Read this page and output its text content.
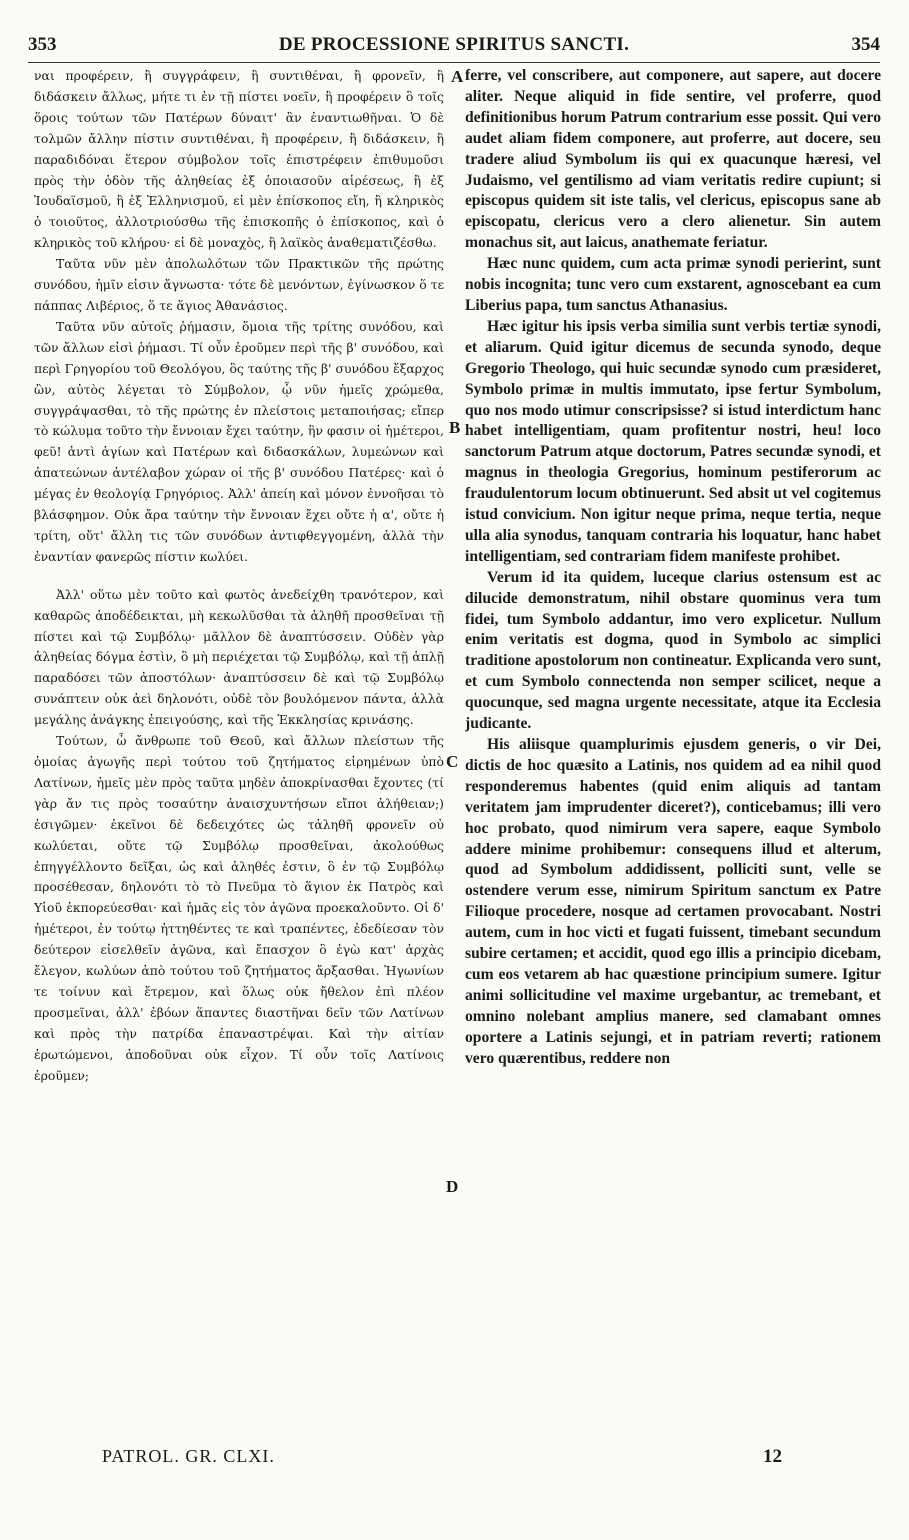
353	DE PROCESSIONE SPIRITUS SANCTI.	354

ναι προφέρειν, ἢ συγγράφειν, ἢ συντιθέναι, ἢ φρονεῖν, ἢ διδάσκειν ἄλλως, μήτε τι ἐν τῇ πίστει νοεῖν, ἢ προφέρειν ὃ τοῖς ὅροις τούτων τῶν Πατέρων δύναιτ' ἂν ἐναντιωθῆναι. Ὁ δὲ τολμῶν ἄλλην πίστιν συντιθέναι, ἢ προφέρειν, ἢ διδάσκειν, ἢ παραδιδόναι ἕτερον σύμβολον τοῖς ἐπιστρέφειν ἐπιθυμοῦσι πρὸς τὴν ὁδὸν τῆς ἀληθείας ἐξ ὁποιασοῦν αἱρέσεως, ἢ ἐξ Ἰουδαϊσμοῦ, ἢ ἐξ Ἑλληνισμοῦ, εἰ μὲν ἐπίσκοπος εἴη, ἢ κληρικὸς ὁ τοιοῦτος, ἀλλοτριούσθω τῆς ἐπισκοπῆς ὁ ἐπίσκοπος, καὶ ὁ κληρικὸς τοῦ κλήρου· εἰ δὲ μοναχὸς, ἢ λαϊκὸς ἀναθεματιζέσθω.

Ταῦτα νῦν μὲν ἀπολωλότων τῶν Πρακτικῶν τῆς πρώτης συνόδου, ἡμῖν εἰσιν ἄγνωστα· τότε δὲ μενόντων, ἐγίνωσκον ὅ τε πάππας Λιβέριος, ὅ τε ἅγιος Ἀθανάσιος.

Ταῦτα νῦν αὐτοῖς ῥήμασιν, ὅμοια τῆς τρίτης συνόδου, καὶ τῶν ἄλλων εἰσὶ ῥήμασι. Τί οὖν ἐροῦμεν περὶ τῆς β' συνόδου, καὶ περὶ Γρηγορίου τοῦ Θεολόγου, ὃς ταύτης τῆς β' συνόδου ἔξαρχος ὢν, αὐτὸς λέγεται τὸ Σύμβολον, ᾧ νῦν ἡμεῖς χρώμεθα, συγγράψασθαι, τὸ τῆς πρώτης ἐν πλείστοις μεταποιήσας; εἴπερ τὸ κώλυμα τοῦτο τὴν ἔννοιαν ἔχει ταύτην, ἣν φασιν οἱ ἡμέτεροι, φεῦ! ἀντὶ ἁγίων καὶ Πατέρων καὶ διδασκάλων, λυμεώνων καὶ ἀπατεώνων ἀντέλαβον χώραν οἱ τῆς β' συνόδου Πατέρες· καὶ ὁ μέγας ἐν θεολογίᾳ Γρηγόριος. Ἀλλ' ἀπείη καὶ μόνον ἐννοῆσαι τὸ βλάσφημον. Οὐκ ἄρα ταύτην τὴν ἔννοιαν ἔχει οὔτε ἡ α', οὔτε ἡ τρίτη, οὔτ' ἄλλη τις τῶν συνόδων ἀντιφθεγγομένη, ἀλλὰ τὴν ἐναντίαν φανερῶς πίστιν κωλύει.

Ἀλλ' οὕτω μὲν τοῦτο καὶ φωτὸς ἀνεδείχθη τρανότερον, καὶ καθαρῶς ἀποδέδεικται, μὴ κεκωλῦσθαι τὰ ἀληθῆ προσθεῖναι τῇ πίστει καὶ τῷ Συμβόλῳ· μᾶλλον δὲ ἀναπτύσσειν. Οὐδὲν γὰρ ἀληθείας δόγμα ἐστὶν, ὃ μὴ περιέχεται τῷ Συμβόλῳ, καὶ τῇ ἁπλῇ παραδόσει τῶν ἀποστόλων· ἀναπτύσσειν δὲ καὶ τῷ Συμβόλῳ συνάπτειν οὐκ ἀεὶ δηλονότι, οὐδὲ τὸν βουλόμενον πάντα, ἀλλὰ μεγάλης ἀνάγκης ἐπειγούσης, καὶ τῆς Ἐκκλησίας κρινάσης.

Τούτων, ὦ ἄνθρωπε τοῦ Θεοῦ, καὶ ἄλλων πλείστων τῆς ὁμοίας ἀγωγῆς περὶ τούτου τοῦ ζητήματος εἰρημένων ὑπὸ Λατίνων, ἡμεῖς μὲν πρὸς ταῦτα μηδὲν ἀποκρίνασθαι ἔχοντες (τί γὰρ ἄν τις πρὸς τοσαύτην ἀναισχυντήσων εἴποι ἀλήθειαν;) ἐσιγῶμεν· ἐκεῖνοι δὲ δεδειχότες ὡς τἀληθῆ φρονεῖν οὐ κωλύεται, οὔτε τῷ Συμβόλῳ προσθεῖναι, ἀκολούθως ἐπηγγέλλοντο δεῖξαι, ὡς καὶ ἀληθές ἐστιν, ὃ ἐν τῷ Συμβόλῳ προσέθεσαν, δηλονότι τὸ τὸ Πνεῦμα τὸ ἅγιον ἐκ Πατρὸς καὶ Υἱοῦ ἐκπορεύεσθαι· καὶ ἡμᾶς εἰς τὸν ἀγῶνα προεκαλοῦντο. Οἱ δ' ἡμέτεροι, ἐν τούτῳ ἡττηθέντες τε καὶ τραπέντες, ἐδεδίεσαν τὸν δεύτερον εἰσελθεῖν ἀγῶνα, καὶ ἔπασχον ὃ ἐγὼ κατ' ἀρχὰς ἔλεγον, κωλύων ἀπὸ τούτου τοῦ ζητήματος ἄρξασθαι. Ἠγωνίων τε τοίνυν καὶ ἔτρεμον, καὶ ὅλως οὐκ ἤθελον ἐπὶ πλέον προσμεῖναι, ἀλλ' ἐβόων ἅπαντες διαστῆναι δεῖν τῶν Λατίνων καὶ πρὸς τὴν πατρίδα ἐπαναστρέψαι. Καὶ τὴν αἰτίαν ἐρωτώμενοι, ἀποδοῦναι οὐκ εἶχον. Τί οὖν τοῖς Λατίνοις ἐροῦμεν;

A
B
C
D

ferre, vel conscribere, aut componere, aut sapere, aut docere aliter. Neque aliquid in fide sentire, vel proferre, quod definitionibus horum Patrum contrarium esse possit. Qui vero audet aliam fidem componere, aut proferre, aut docere, seu tradere aliud Symbolum iis qui ex quacunque hæresi, vel Judaismo, vel gentilismo ad viam veritatis redire cupiunt; si episcopus quidem sit iste talis, vel clericus, episcopus sane ab episcopatu, clericus vero a clero alienetur. Sin autem monachus sit, aut laicus, anathemate feriatur.

Hæc nunc quidem, cum acta primæ synodi perierint, sunt nobis incognita; tunc vero cum exstarent, agnoscebant ea cum Liberius papa, tum sanctus Athanasius.

Hæc igitur his ipsis verba similia sunt verbis tertiæ synodi, et aliarum. Quid igitur dicemus de secunda synodo, deque Gregorio Theologo, qui huic secundæ synodo cum præsideret, Symbolo primæ in multis immutato, ipse fertur Symbolum, quo nos modo utimur conscripsisse? si istud interdictum hanc habet intelligentiam, quam profitentur nostri, heu! loco sanctorum Patrum atque doctorum, Patres secundæ synodi, et magnus in theologia Gregorius, hominum pestiferorum ac fraudulentorum locum obtinuerunt. Sed absit ut vel cogitemus istud convicium. Non igitur neque prima, neque tertia, neque ulla alia synodus, tanquam contraria his loquatur, hanc habet intelligentiam, sed contrariam fidem manifeste prohibet.

Verum id ita quidem, luceque clarius ostensum est ac dilucide demonstratum, nihil obstare quominus vera tum fidei, tum Symbolo addantur, imo vero explicetur. Nullum enim veritatis est dogma, quod in Symbolo ac simplici traditione apostolorum non contineatur. Explicanda vero sunt, et cum Symbolo connectenda non semper scilicet, neque a quocunque, sed magna urgente necessitate, atque ita Ecclesia judicante.

His aliisque quamplurimis ejusdem generis, o vir Dei, dictis de hoc quæsito a Latinis, nos quidem ad ea nihil quod responderemus habentes (quid enim aliquis ad tantam veritatem jam imprudenter diceret?), conticebamus; illi vero hoc probato, quod nimirum vera sapere, eaque Symbolo addere minime prohibemur: consequens illud et alterum, quod ad Symbolum addidissent, polliciti sunt, velle se ostendere verum esse, nimirum Spiritum sanctum ex Patre Filioque procedere, nosque ad certamen provocabant. Nostri autem, cum in hoc victi et fugati fuissent, timebant secundum subire certamen; et accidit, quod ego illis a principio dicebam, cum eos vetarem ab hac quæstione principium sumere. Igitur animi sollicitudine vel maxime urgebantur, ac tremebant, et omnino nolebant amplius manere, sed clamabant omnes oportere a Latinis sejungi, et in patriam reverti; rationem vero quærentibus, reddere non

PATROL. GR. CLXI.	12
